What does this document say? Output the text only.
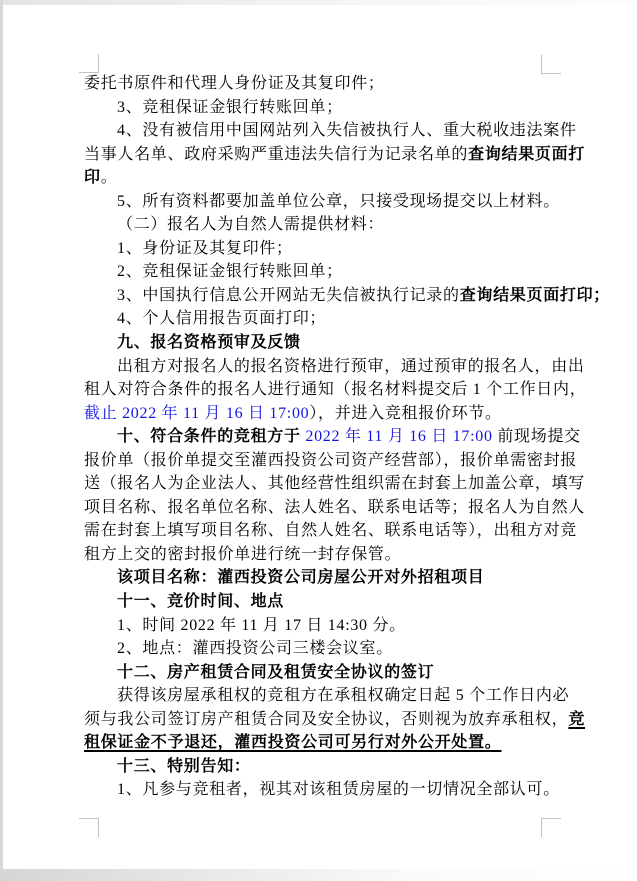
委托书原件和代理人身份证及其复印件；
3、竞租保证金银行转账回单；
4、没有被信用中国网站列入失信被执行人、重大税收违法案件
当事人名单、政府采购严重违法失信行为记录名单的查询结果页面打
印。
5、所有资料都要加盖单位公章，只接受现场提交以上材料。
（二）报名人为自然人需提供材料：
1、身份证及其复印件；
2、竞租保证金银行转账回单；
3、中国执行信息公开网站无失信被执行记录的查询结果页面打印；
4、个人信用报告页面打印；
九、报名资格预审及反馈
出租方对报名人的报名资格进行预审，通过预审的报名人，由出
租人对符合条件的报名人进行通知（报名材料提交后 1 个工作日内，
截止 2022 年 11 月 16 日 17:00），并进入竞租报价环节。
十、符合条件的竞租方于 2022 年 11 月 16 日 17:00 前现场提交
报价单（报价单提交至灌西投资公司资产经营部），报价单需密封报
送（报名人为企业法人、其他经营性组织需在封套上加盖公章，填写
项目名称、报名单位名称、法人姓名、联系电话等；报名人为自然人
需在封套上填写项目名称、自然人姓名、联系电话等），出租方对竞
租方上交的密封报价单进行统一封存保管。
该项目名称：灌西投资公司房屋公开对外招租项目
十一、竞价时间、地点
1、时间 2022 年 11 月 17 日 14:30 分。
2、地点：灌西投资公司三楼会议室。
十二、房产租赁合同及租赁安全协议的签订
获得该房屋承租权的竞租方在承租权确定日起 5 个工作日内必
须与我公司签订房产租赁合同及安全协议，否则视为放弃承租权，竞
租保证金不予退还，灌西投资公司可另行对外公开处置。
十三、特别告知：
1、凡参与竞租者，视其对该租赁房屋的一切情况全部认可。
